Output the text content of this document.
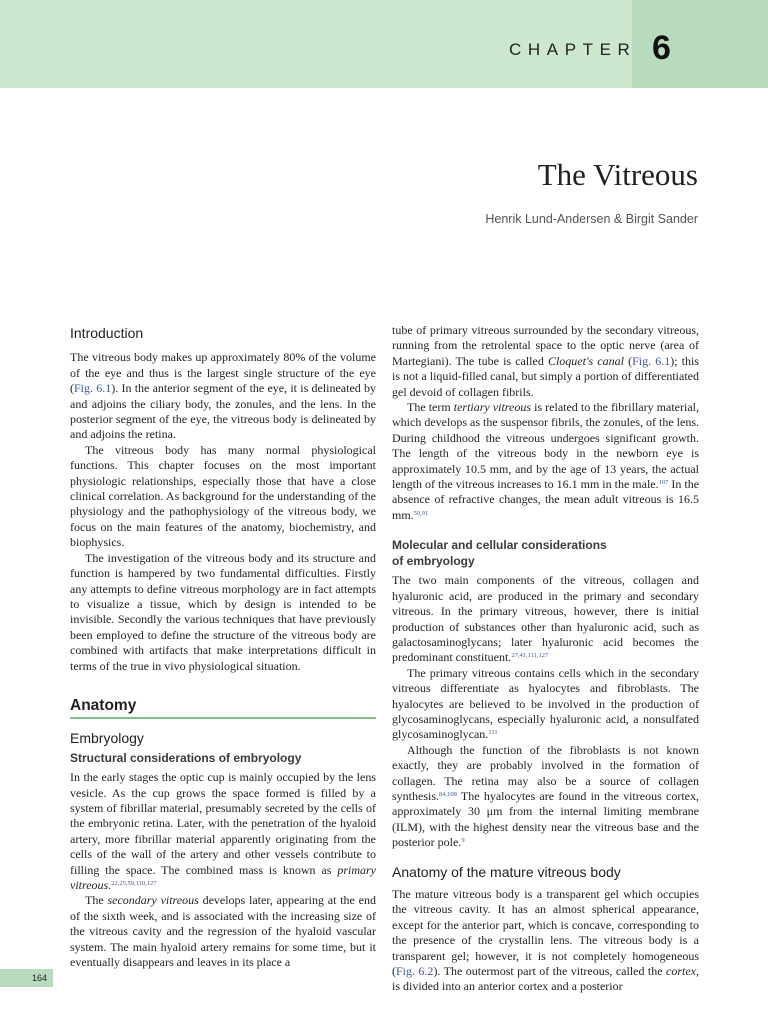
CHAPTER 6
The Vitreous
Henrik Lund-Andersen & Birgit Sander
Introduction

The vitreous body makes up approximately 80% of the volume of the eye and thus is the largest single structure of the eye (Fig. 6.1). In the anterior segment of the eye, it is delineated by and adjoins the ciliary body, the zonules, and the lens. In the posterior segment of the eye, the vitreous body is delineated by and adjoins the retina.

The vitreous body has many normal physiological functions. This chapter focuses on the most important physiologic relationships, especially those that have a close clinical correlation. As background for the understanding of the physiology and the pathophysiology of the vitreous body, we focus on the main features of the anatomy, biochemistry, and biophysics.

The investigation of the vitreous body and its structure and function is hampered by two fundamental difficulties. Firstly any attempts to define vitreous morphology are in fact attempts to visualize a tissue, which by design is intended to be invisible. Secondly the various techniques that have previously been employed to define the structure of the vitreous body are combined with artifacts that make interpretations difficult in terms of the true in vivo physiological situation.

Anatomy
Embryology
Structural considerations of embryology

In the early stages the optic cup is mainly occupied by the lens vesicle. As the cup grows the space formed is filled by a system of fibrillar material, presumably secreted by the cells of the embryonic retina. Later, with the penetration of the hyaloid artery, more fibrillar material apparently originating from the cells of the wall of the artery and other vessels contribute to filling the space. The combined mass is known as primary vitreous.$^{22,25,59,110,127}$

The secondary vitreous develops later, appearing at the end of the sixth week, and is associated with the increasing size of the vitreous cavity and the regression of the hyaloid vascular system. The main hyaloid artery remains for some time, but it eventually disappears and leaves in its place a

tube of primary vitreous surrounded by the secondary vitreous, running from the retrolental space to the optic nerve (area of Martegiani). The tube is called Cloquet's canal (Fig. 6.1); this is not a liquid-filled canal, but simply a portion of differentiated gel devoid of collagen fibrils.

The term tertiary vitreous is related to the fibrillary material, which develops as the suspensor fibrils, the zonules, of the lens. During childhood the vitreous undergoes significant growth. The length of the vitreous body in the newborn eye is approximately 10.5 mm, and by the age of 13 years, the actual length of the vitreous increases to 16.1 mm in the male.$^{107}$ In the absence of refractive changes, the mean adult vitreous is 16.5 mm.$^{50,91}$

Molecular and cellular considerations
of embryology

The two main components of the vitreous, collagen and hyaluronic acid, are produced in the primary and secondary vitreous. In the primary vitreous, however, there is initial production of substances other than hyaluronic acid, such as galactosaminoglycans; later hyaluronic acid becomes the predominant constituent.$^{27,41,111,127}$

The primary vitreous contains cells which in the secondary vitreous differentiate as hyalocytes and fibroblasts. The hyalocytes are believed to be involved in the production of glycosaminoglycans, especially hyaluronic acid, a nonsulfated glycosaminoglycan.$^{111}$

Although the function of the fibroblasts is not known exactly, they are probably involved in the formation of collagen. The retina may also be a source of collagen synthesis.$^{84,108}$ The hyalocytes are found in the vitreous cortex, approximately 30 μm from the internal limiting membrane (ILM), with the highest density near the vitreous base and the posterior pole.$^9$

Anatomy of the mature vitreous body

The mature vitreous body is a transparent gel which occupies the vitreous cavity. It has an almost spherical appearance, except for the anterior part, which is concave, corresponding to the presence of the crystallin lens. The vitreous body is a transparent gel; however, it is not completely homogeneous (Fig. 6.2). The outermost part of the vitreous, called the cortex, is divided into an anterior cortex and a posterior

164
